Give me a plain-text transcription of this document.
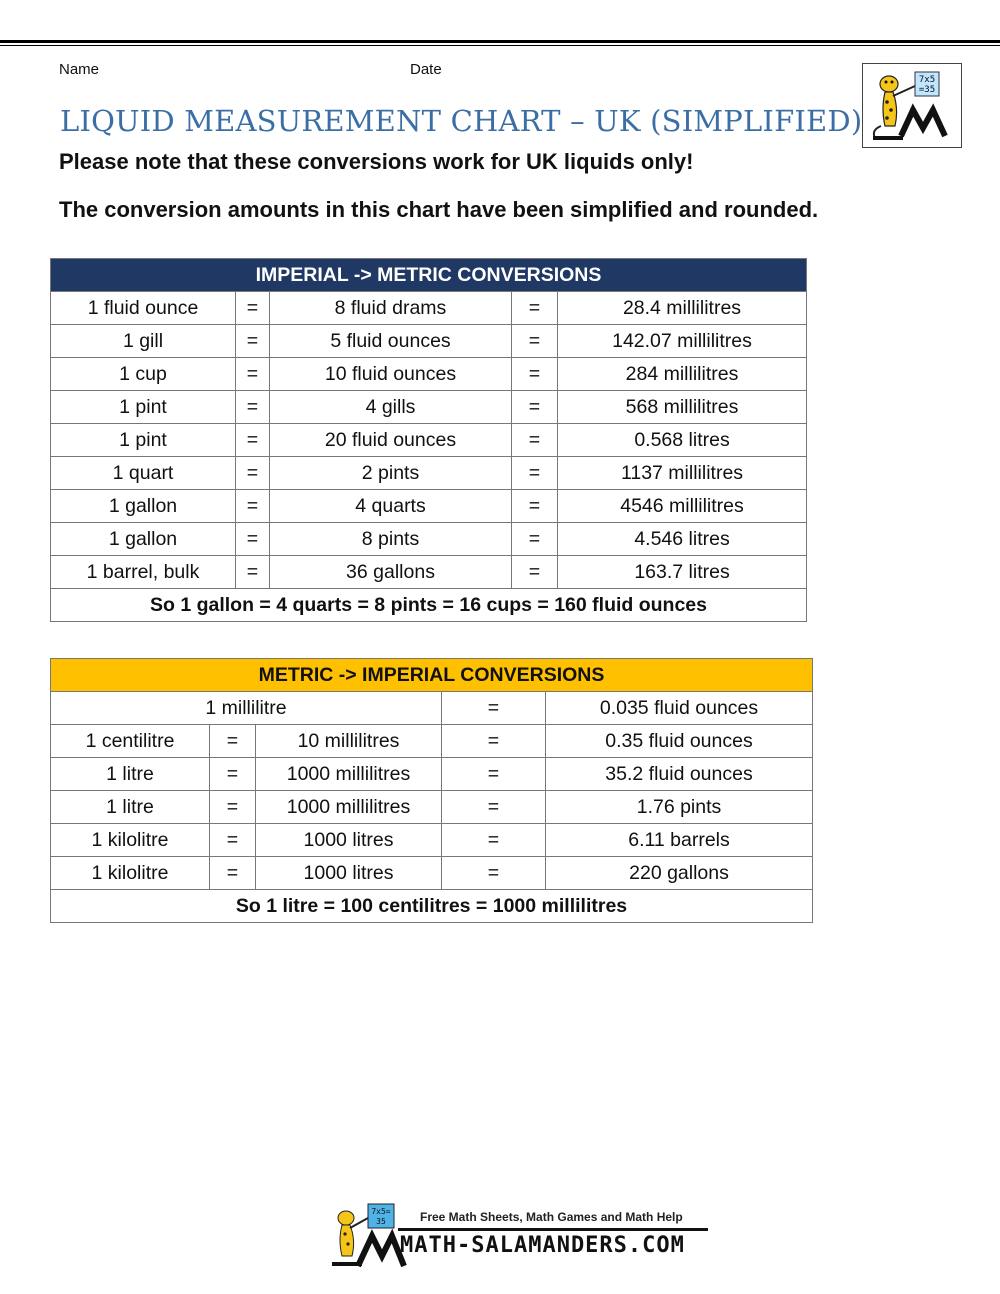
Name	Date
LIQUID MEASUREMENT CHART – UK (SIMPLIFIED)
Please note that these conversions work for UK liquids only!
The conversion amounts in this chart have been simplified and rounded.
7x5
=35
IMPERIAL -> METRIC CONVERSIONS				
1 fluid ounce	=	8 fluid drams	=	28.4 millilitres
1 gill	=	5 fluid ounces	=	142.07 millilitres
1 cup	=	10 fluid ounces	=	284 millilitres
1 pint	=	4 gills	=	568 millilitres
1 pint	=	20 fluid ounces	=	0.568 litres
1 quart	=	2 pints	=	1137 millilitres
1 gallon	=	4 quarts	=	4546 millilitres
1 gallon	=	8 pints	=	4.546 litres
1 barrel, bulk	=	36 gallons	=	163.7 litres
So 1 gallon = 4 quarts = 8 pints = 16 cups = 160 fluid ounces				
METRIC -> IMPERIAL CONVERSIONS				
1 millilitre			=	0.035 fluid ounces
1 centilitre	=	10 millilitres	=	0.35 fluid ounces
1 litre	=	1000 millilitres	=	35.2 fluid ounces
1 litre	=	1000 millilitres	=	1.76 pints
1 kilolitre	=	1000 litres	=	6.11 barrels
1 kilolitre	=	1000 litres	=	220 gallons
So 1 litre = 100 centilitres = 1000 millilitres				
7x5=
35	Free Math Sheets, Math Games and Math Help
MATH-SALAMANDERS.COM
